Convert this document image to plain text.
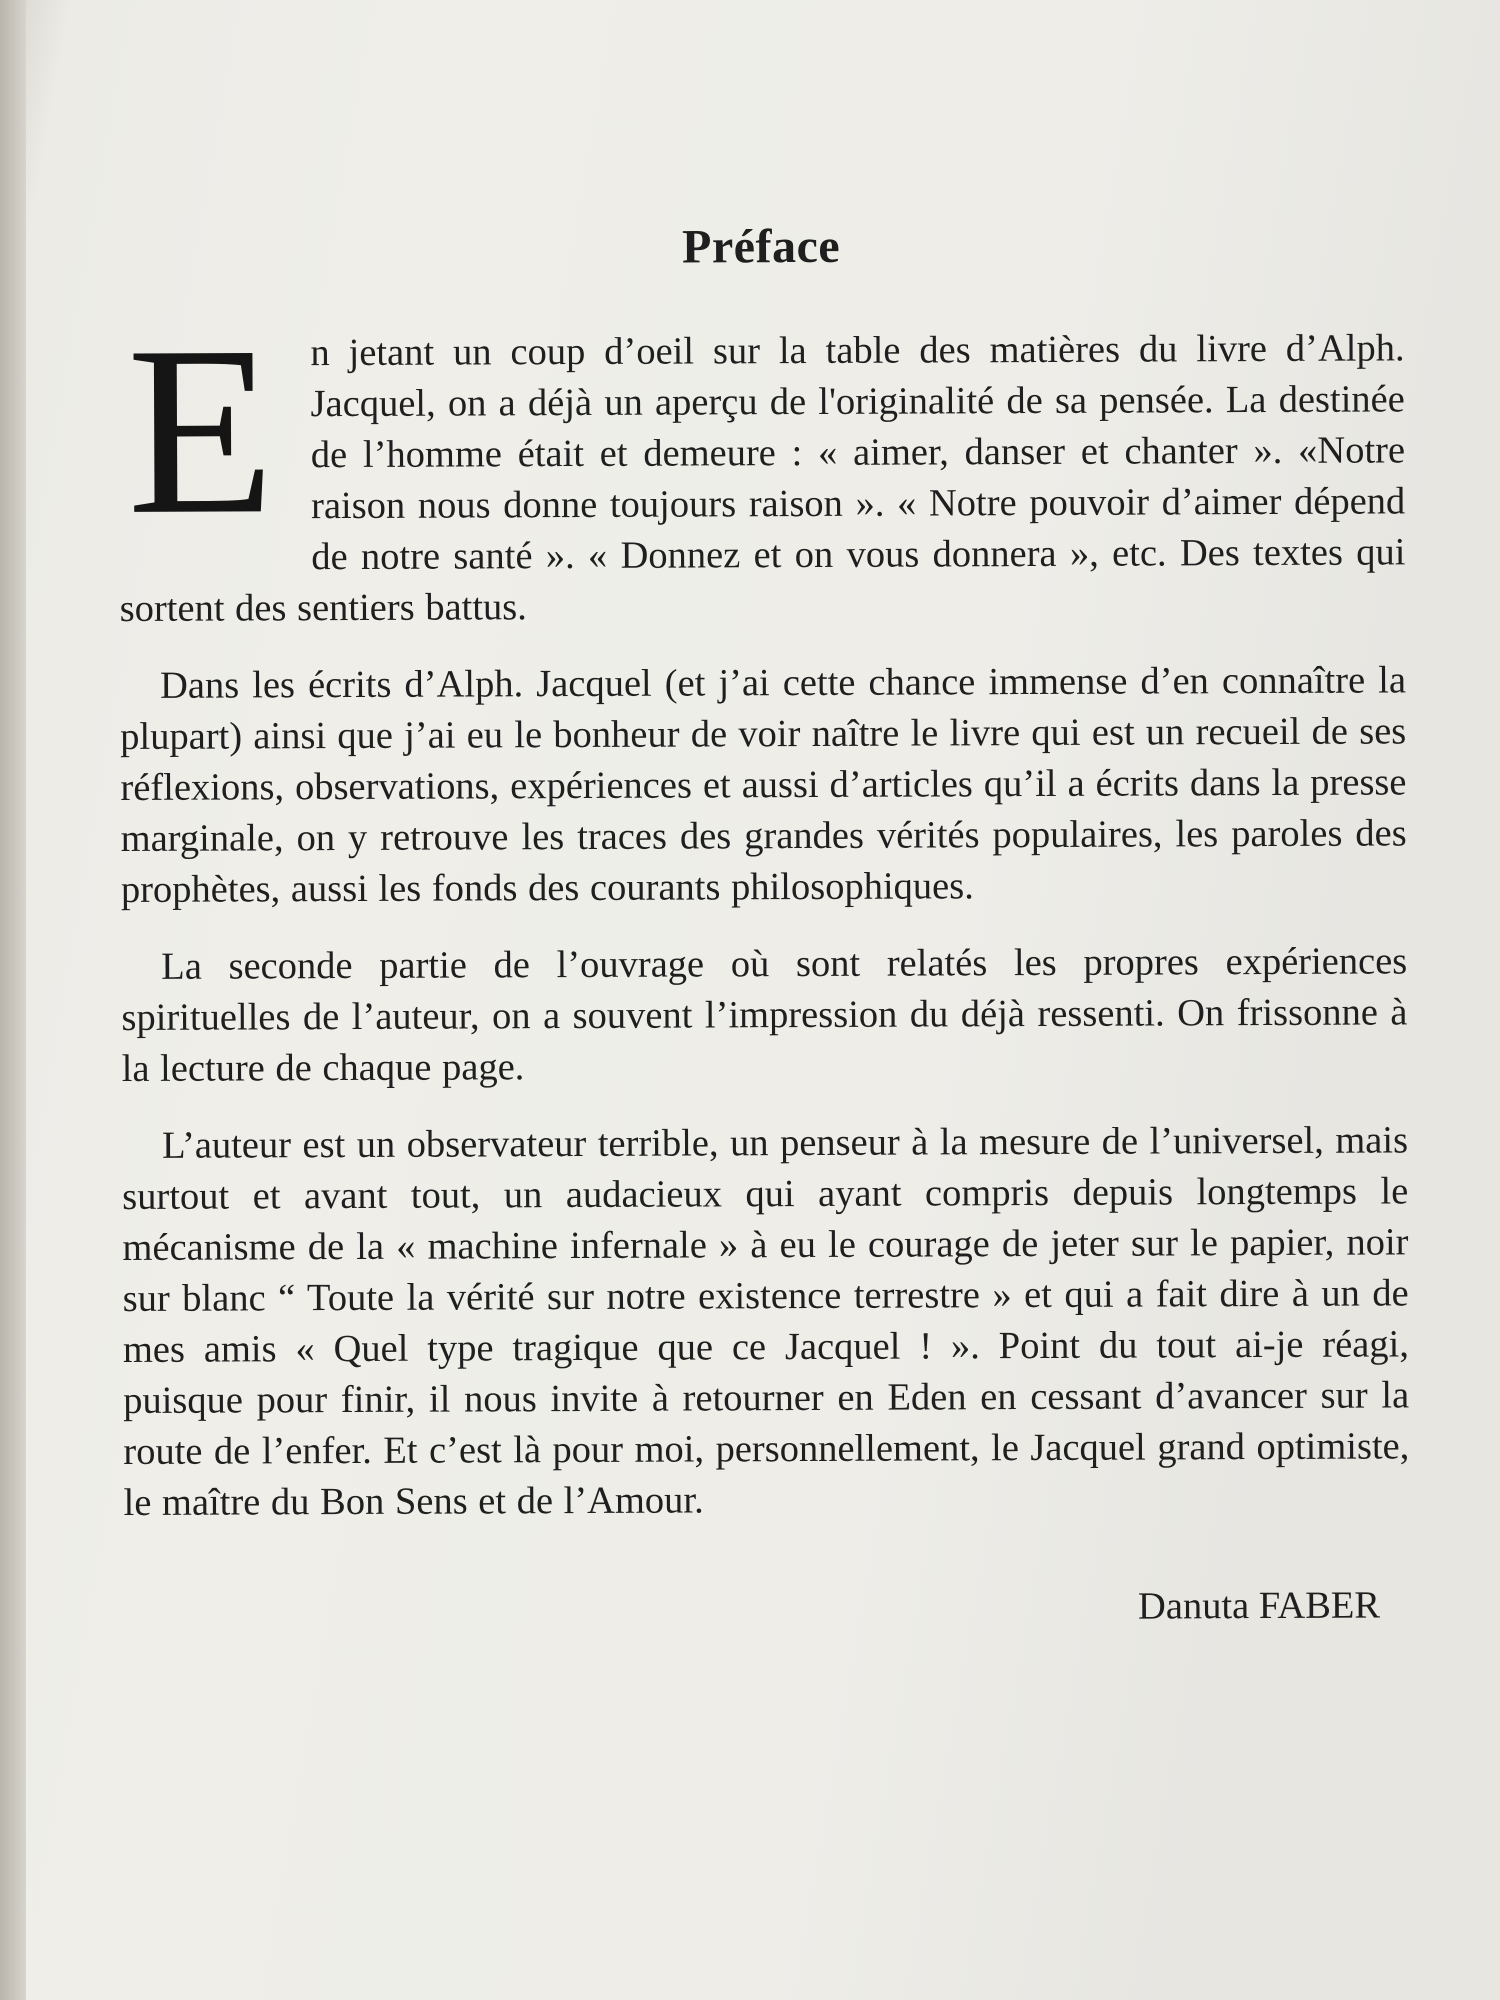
Préface

En jetant un coup d’oeil sur la table des matières du livre d’Alph. Jacquel, on a déjà un aperçu de l'originalité de sa pensée. La destinée de l’homme était et demeure : « aimer, danser et chanter ». «Notre raison nous donne toujours raison ». « Notre pouvoir d’aimer dépend de notre santé ». « Donnez et on vous donnera », etc. Des textes qui sortent des sentiers battus.

Dans les écrits d’Alph. Jacquel (et j’ai cette chance immense d’en connaître la plupart) ainsi que j’ai eu le bonheur de voir naître le livre qui est un recueil de ses réflexions, observations, expériences et aussi d’articles qu’il a écrits dans la presse marginale, on y retrouve les traces des grandes vérités populaires, les paroles des prophètes, aussi les fonds des courants philosophiques.

La seconde partie de l’ouvrage où sont relatés les propres expériences spirituelles de l’auteur, on a souvent l’impression du déjà ressenti. On frissonne à la lecture de chaque page.

L’auteur est un observateur terrible, un penseur à la mesure de l’universel, mais surtout et avant tout, un audacieux qui ayant compris depuis longtemps le mécanisme de la « machine infernale » à eu le courage de jeter sur le papier, noir sur blanc “ Toute la vérité sur notre existence terrestre » et qui a fait dire à un de mes amis « Quel type tragique que ce Jacquel ! ». Point du tout ai-je réagi, puisque pour finir, il nous invite à retourner en Eden en cessant d’avancer sur la route de l’enfer. Et c’est là pour moi, personnellement, le Jacquel grand optimiste, le maître du Bon Sens et de l’Amour.

Danuta FABER
